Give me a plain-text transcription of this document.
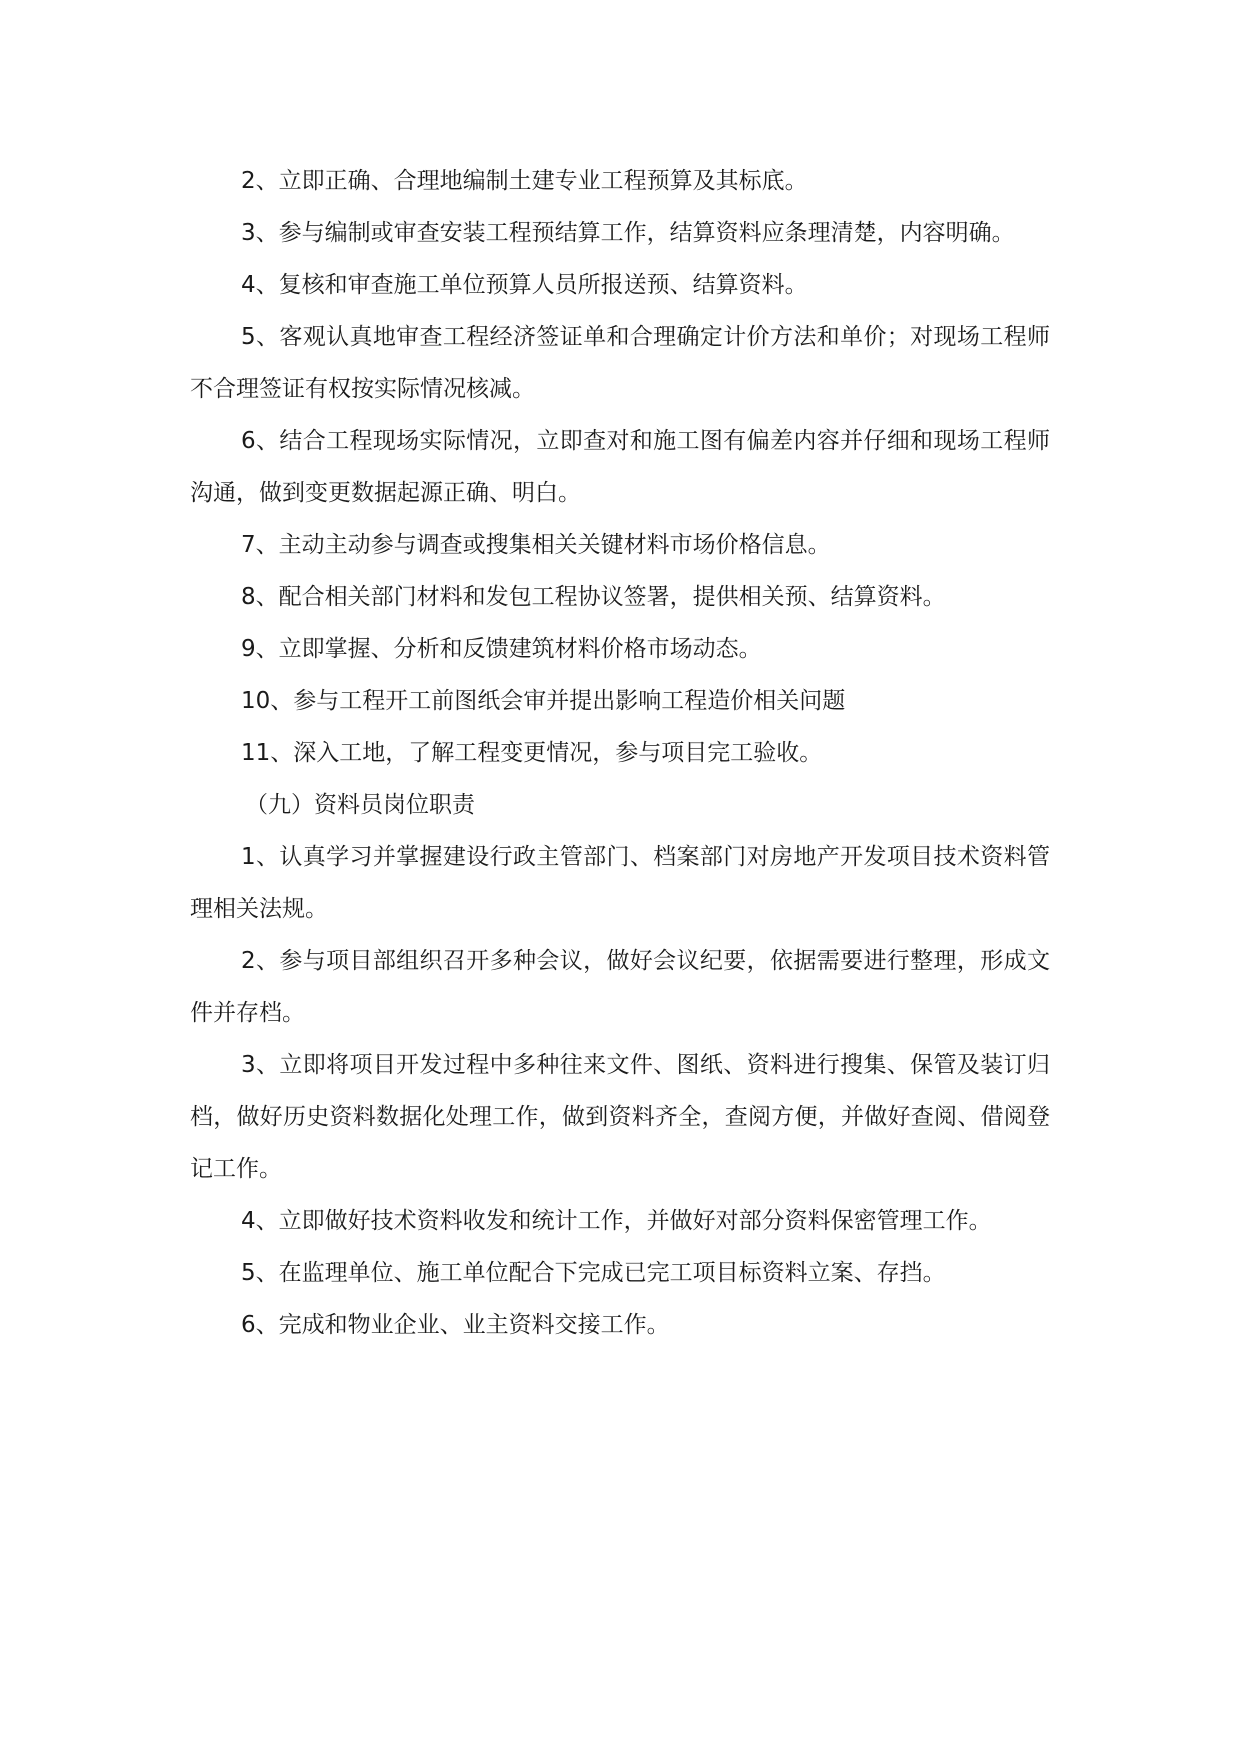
2、立即正确、合理地编制土建专业工程预算及其标底。

3、参与编制或审查安装工程预结算工作，结算资料应条理清楚，内容明确。

4、复核和审查施工单位预算人员所报送预、结算资料。

5、客观认真地审查工程经济签证单和合理确定计价方法和单价；对现场工程师不合理签证有权按实际情况核减。

6、结合工程现场实际情况，立即查对和施工图有偏差内容并仔细和现场工程师沟通，做到变更数据起源正确、明白。

7、主动主动参与调查或搜集相关关键材料市场价格信息。

8、配合相关部门材料和发包工程协议签署，提供相关预、结算资料。

9、立即掌握、分析和反馈建筑材料价格市场动态。

10、参与工程开工前图纸会审并提出影响工程造价相关问题

11、深入工地，了解工程变更情况，参与项目完工验收。

（九）资料员岗位职责

1、认真学习并掌握建设行政主管部门、档案部门对房地产开发项目技术资料管理相关法规。

2、参与项目部组织召开多种会议，做好会议纪要，依据需要进行整理，形成文件并存档。

3、立即将项目开发过程中多种往来文件、图纸、资料进行搜集、保管及装订归档，做好历史资料数据化处理工作，做到资料齐全，查阅方便，并做好查阅、借阅登记工作。

4、立即做好技术资料收发和统计工作，并做好对部分资料保密管理工作。

5、在监理单位、施工单位配合下完成已完工项目标资料立案、存挡。

6、完成和物业企业、业主资料交接工作。
